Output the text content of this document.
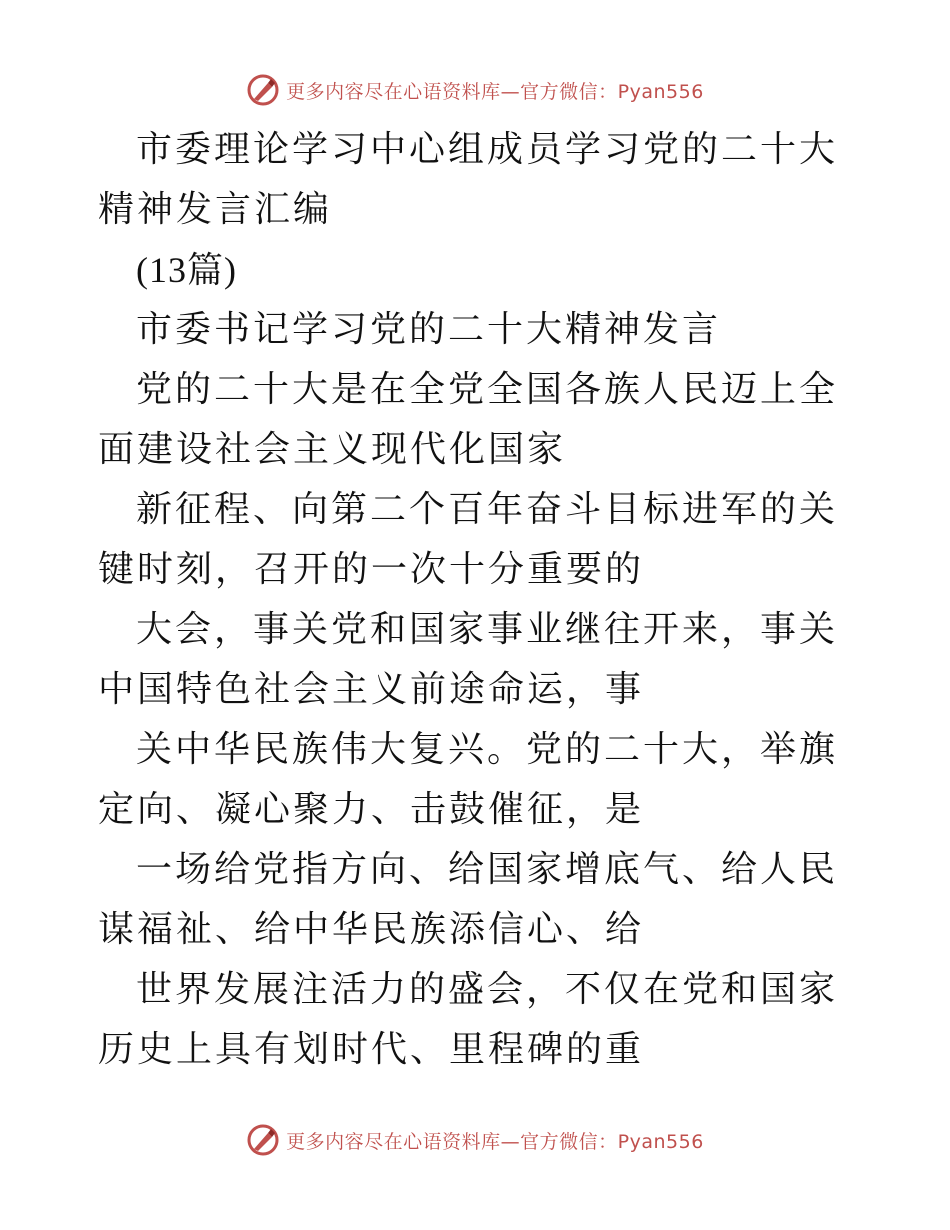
更多内容尽在心语资料库—官方微信：Pyan556

市委理论学习中心组成员学习党的二十大精神发言汇编

(13篇)

市委书记学习党的二十大精神发言

党的二十大是在全党全国各族人民迈上全面建设社会主义现代化国家

新征程、向第二个百年奋斗目标进军的关键时刻，召开的一次十分重要的

大会，事关党和国家事业继往开来，事关中国特色社会主义前途命运，事

关中华民族伟大复兴。党的二十大，举旗定向、凝心聚力、击鼓催征，是

一场给党指方向、给国家增底气、给人民谋福祉、给中华民族添信心、给

世界发展注活力的盛会，不仅在党和国家历史上具有划时代、里程碑的重

更多内容尽在心语资料库—官方微信：Pyan556
